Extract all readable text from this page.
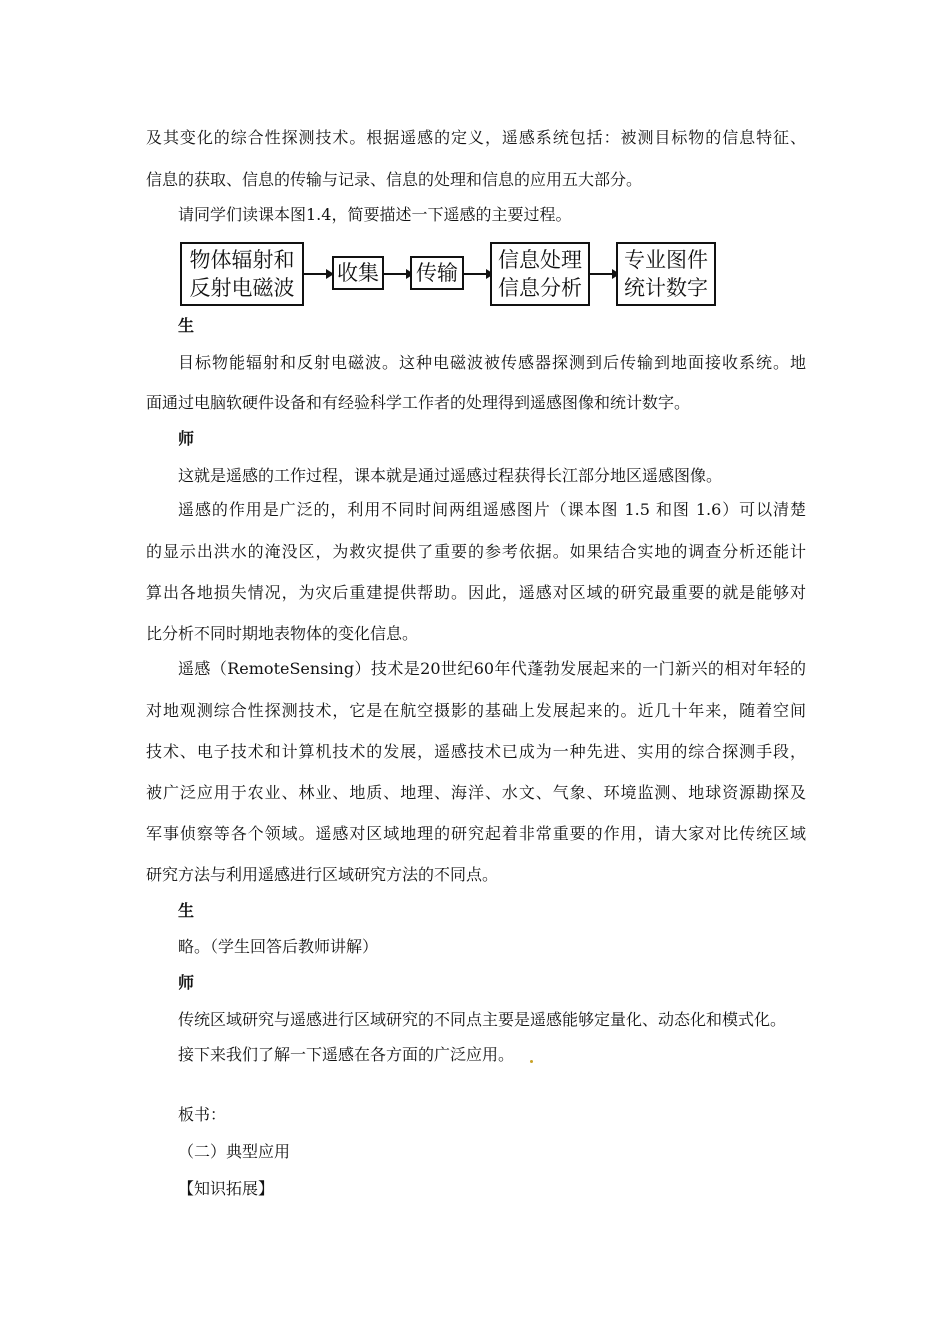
及其变化的综合性探测技术。根据遥感的定义，遥感系统包括：被测目标物的信息特征、
信息的获取、信息的传输与记录、信息的处理和信息的应用五大部分。
请同学们读课本图1.4，简要描述一下遥感的主要过程。
物体辐射和
反射电磁波
收集 传输
信息处理
信息分析
专业图件
统计数字
生
目标物能辐射和反射电磁波。这种电磁波被传感器探测到后传输到地面接收系统。地
面通过电脑软硬件设备和有经验科学工作者的处理得到遥感图像和统计数字。
师
这就是遥感的工作过程，课本就是通过遥感过程获得长江部分地区遥感图像。
遥感的作用是广泛的，利用不同时间两组遥感图片（课本图 1.5 和图 1.6）可以清楚
的显示出洪水的淹没区，为救灾提供了重要的参考依据。如果结合实地的调查分析还能计
算出各地损失情况，为灾后重建提供帮助。因此，遥感对区域的研究最重要的就是能够对
比分析不同时期地表物体的变化信息。
遥感（RemoteSensing）技术是20世纪60年代蓬勃发展起来的一门新兴的相对年轻的
对地观测综合性探测技术，它是在航空摄影的基础上发展起来的。近几十年来，随着空间
技术、电子技术和计算机技术的发展，遥感技术已成为一种先进、实用的综合探测手段，
被广泛应用于农业、林业、地质、地理、海洋、水文、气象、环境监测、地球资源勘探及
军事侦察等各个领域。遥感对区域地理的研究起着非常重要的作用，请大家对比传统区域
研究方法与利用遥感进行区域研究方法的不同点。
生
略。（学生回答后教师讲解）
师
传统区域研究与遥感进行区域研究的不同点主要是遥感能够定量化、动态化和模式化。
接下来我们了解一下遥感在各方面的广泛应用。
板书：
（二）典型应用
【知识拓展】
